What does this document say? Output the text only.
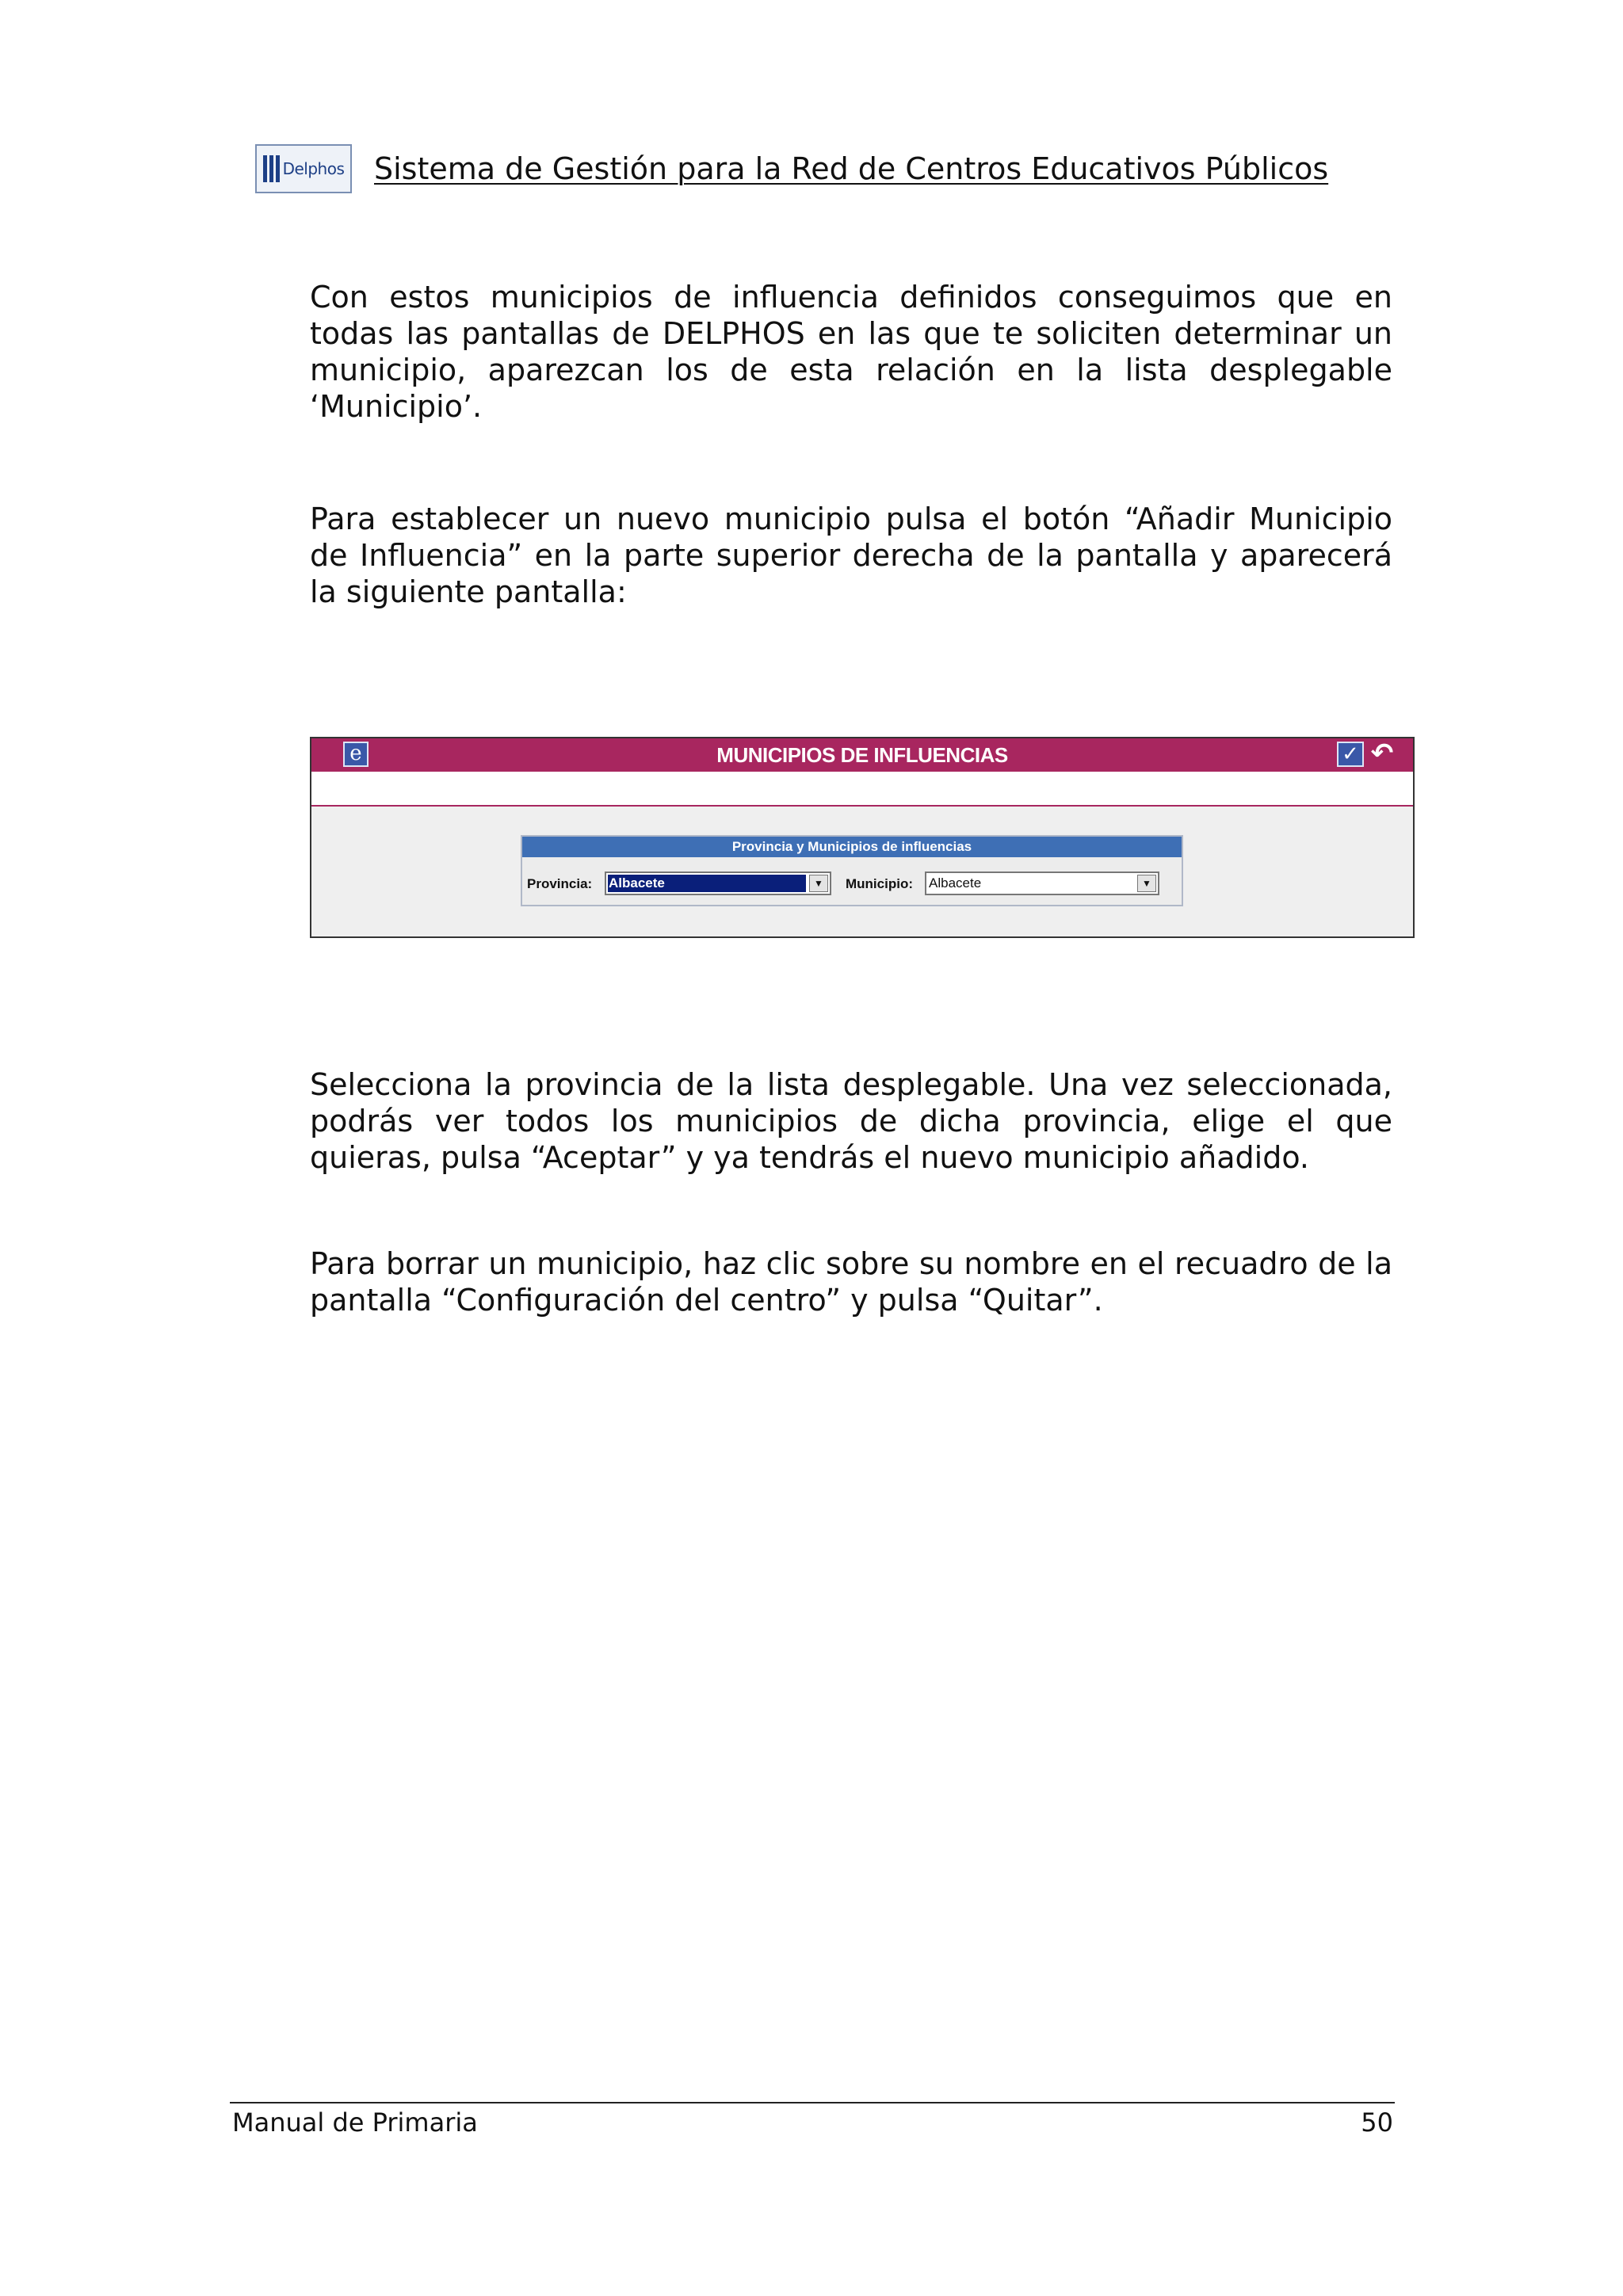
Delphos Sistema de Gestión para la Red de Centros Educativos Públicos

Con estos municipios de influencia definidos conseguimos que en todas las pantallas de DELPHOS en las que te soliciten determinar un municipio, aparezcan los de esta relación en la lista desplegable ‘Municipio’.

Para establecer un nuevo municipio pulsa el botón “Añadir Municipio de Influencia” en la parte superior derecha de la pantalla y aparecerá la siguiente pantalla:

e	MUNICIPIOS DE INFLUENCIAS	✓ ↶
Provincia y Municipios de influencias
Provincia: Albacete	▼	Municipio: Albacete	▼

Selecciona la provincia de la lista desplegable. Una vez seleccionada, podrás ver todos los municipios de dicha provincia, elige el que quieras, pulsa “Aceptar” y ya tendrás el nuevo municipio añadido.

Para borrar un municipio, haz clic sobre su nombre en el recuadro de la pantalla “Configuración del centro” y pulsa “Quitar”.

Manual de Primaria	50
